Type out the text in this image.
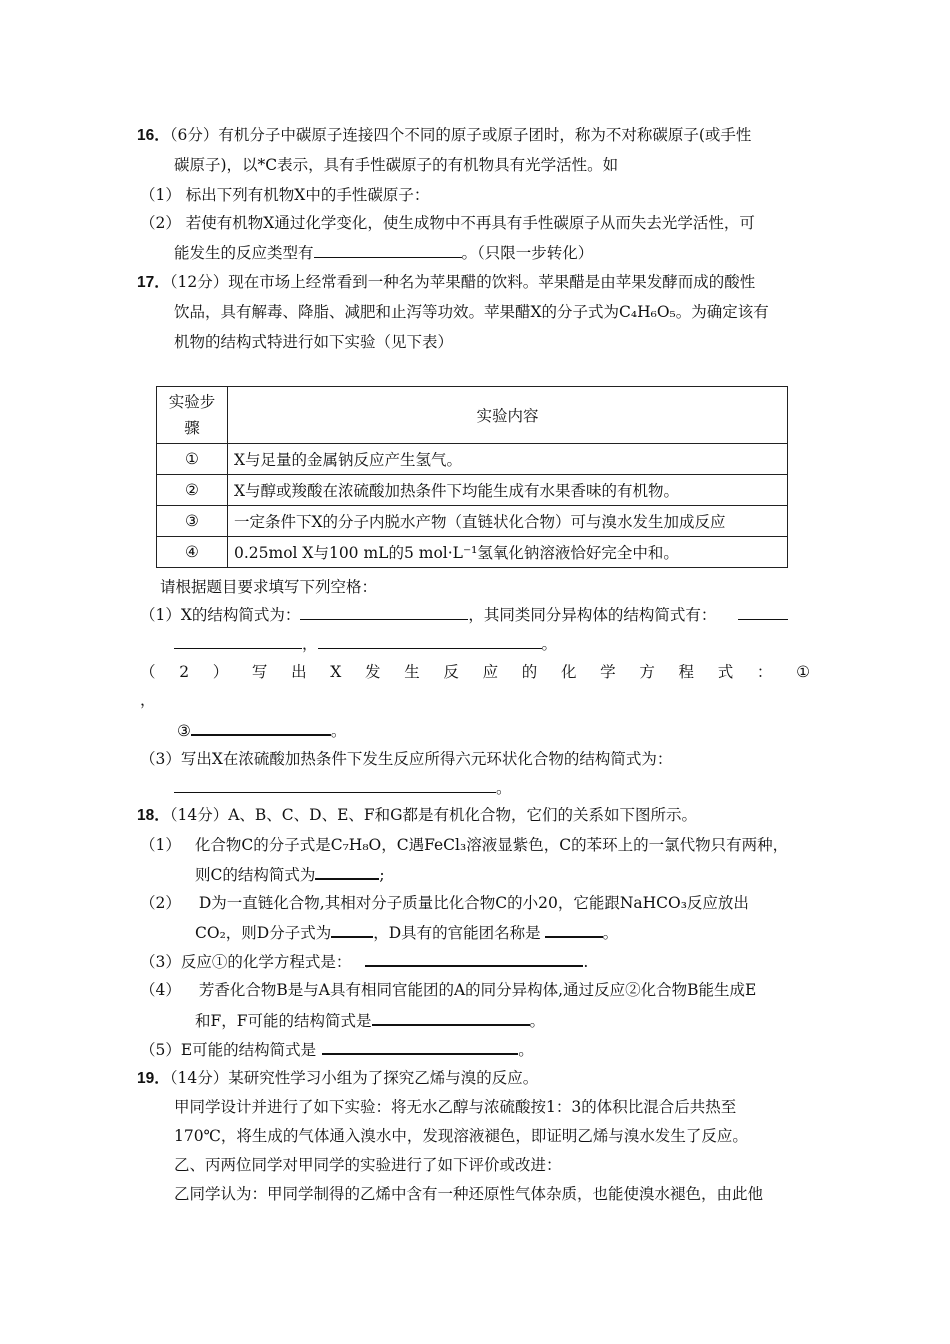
16．（6分）有机分子中碳原子连接四个不同的原子或原子团时，称为不对称碳原子(或手性
碳原子)，以*C表示，具有手性碳原子的有机物具有光学活性。如
（1） 标出下列有机物X中的手性碳原子：
（2） 若使有机物X通过化学变化，使生成物中不再具有手性碳原子从而失去光学活性，可
能发生的反应类型有	。（只限一步转化）
17．（12分）现在市场上经常看到一种名为苹果醋的饮料。苹果醋是由苹果发酵而成的酸性
饮品，具有解毒、降脂、减肥和止泻等功效。苹果醋X的分子式为C₄H₆O₅。为确定该有
机物的结构式特进行如下实验（见下表）
实验步骤	实验内容
①	X与足量的金属钠反应产生氢气。
②	X与醇或羧酸在浓硫酸加热条件下均能生成有水果香味的有机物。
③	一定条件下X的分子内脱水产物（直链状化合物）可与溴水发生加成反应
④	0.25mol X与100 mL的5 mol·L⁻¹氢氧化钠溶液恰好完全中和。
请根据题目要求填写下列空格：
（1）X的结构简式为：	，其同类同分异构体的结构简式有：
，	。
（ 2 ） 写 出 X 发 生 反 应 的 化 学 方 程 式 ： ①
，
③	。
（3）写出X在浓硫酸加热条件下发生反应所得六元环状化合物的结构简式为：
。
18．（14分）A、B、C、D、E、F和G都是有机化合物，它们的关系如下图所示。
（1） 化合物C的分子式是C₇H₈O，C遇FeCl₃溶液显紫色，C的苯环上的一氯代物只有两种，
则C的结构简式为	;
（2） D为一直链化合物,其相对分子质量比化合物C的小20，它能跟NaHCO₃反应放出
CO₂，则D分子式为	，D具有的官能团名称是	。
（3）反应①的化学方程式是：	.
（4） 芳香化合物B是与A具有相同官能团的A的同分异构体,通过反应②化合物B能生成E
和F，F可能的结构简式是	。
（5）E可能的结构简式是	。
19．（14分）某研究性学习小组为了探究乙烯与溴的反应。
甲同学设计并进行了如下实验：将无水乙醇与浓硫酸按1：3的体积比混合后共热至
170℃，将生成的气体通入溴水中，发现溶液褪色，即证明乙烯与溴水发生了反应。
乙、丙两位同学对甲同学的实验进行了如下评价或改进：
乙同学认为：甲同学制得的乙烯中含有一种还原性气体杂质，也能使溴水褪色，由此他
